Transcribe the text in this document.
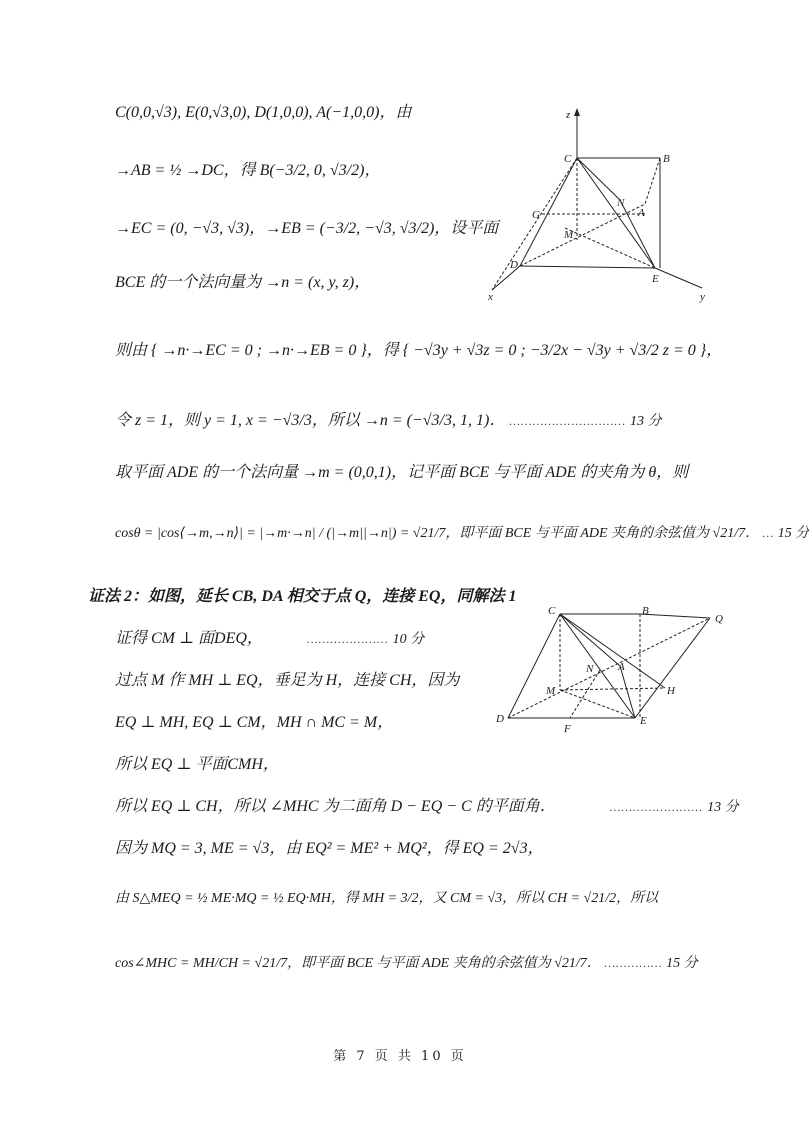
C(0,0,√3), E(0,√3,0), D(1,0,0), A(−1,0,0)，由
→AB = ½ →DC，得 B(−3/2, 0, √3/2)，
→EC = (0, −√3, √3)，→EB = (−3/2, −√3, √3/2)，设平面
BCE 的一个法向量为 →n = (x, y, z)，
则由 { →n·→EC = 0 ; →n·→EB = 0 }，得 { −√3y + √3z = 0 ; −3/2x − √3y + √3/2 z = 0 }，
令 z = 1，则 y = 1, x = −√3/3，所以 →n = (−√3/3, 1, 1)． ………………………… 13 分
取平面 ADE 的一个法向量 →m = (0,0,1)，记平面 BCE 与平面 ADE 的夹角为 θ，则
cosθ = |cos⟨→m,→n⟩| = |→m·→n| / (|→m||→n|) = √21/7，即平面 BCE 与平面 ADE 夹角的余弦值为 √21/7． … 15 分
证法 2：如图，延长 CB, DA 相交于点 Q，连接 EQ，同解法 1
证得 CM ⊥ 面DEQ，	………………… 10 分
过点 M 作 MH ⊥ EQ，垂足为 H，连接 CH，因为
EQ ⊥ MH, EQ ⊥ CM，MH ∩ MC = M，
所以 EQ ⊥ 平面CMH，
所以 EQ ⊥ CH，所以 ∠MHC 为二面角 D − EQ − C 的平面角．	…………………… 13 分
因为 MQ = 3, ME = √3，由 EQ² = ME² + MQ²，得 EQ = 2√3，
由 S△MEQ = ½ ME·MQ = ½ EQ·MH，得 MH = 3/2，又 CM = √3，所以 CH = √21/2，所以
cos∠MHC = MH/CH = √21/7，即平面 BCE 与平面 ADE 夹角的余弦值为 √21/7． …………… 15 分
z
C	B
G
N
A
M
D
E
x	y
C	B
Q
N A
M	H
D
F
E
第 7 页 共 10 页
